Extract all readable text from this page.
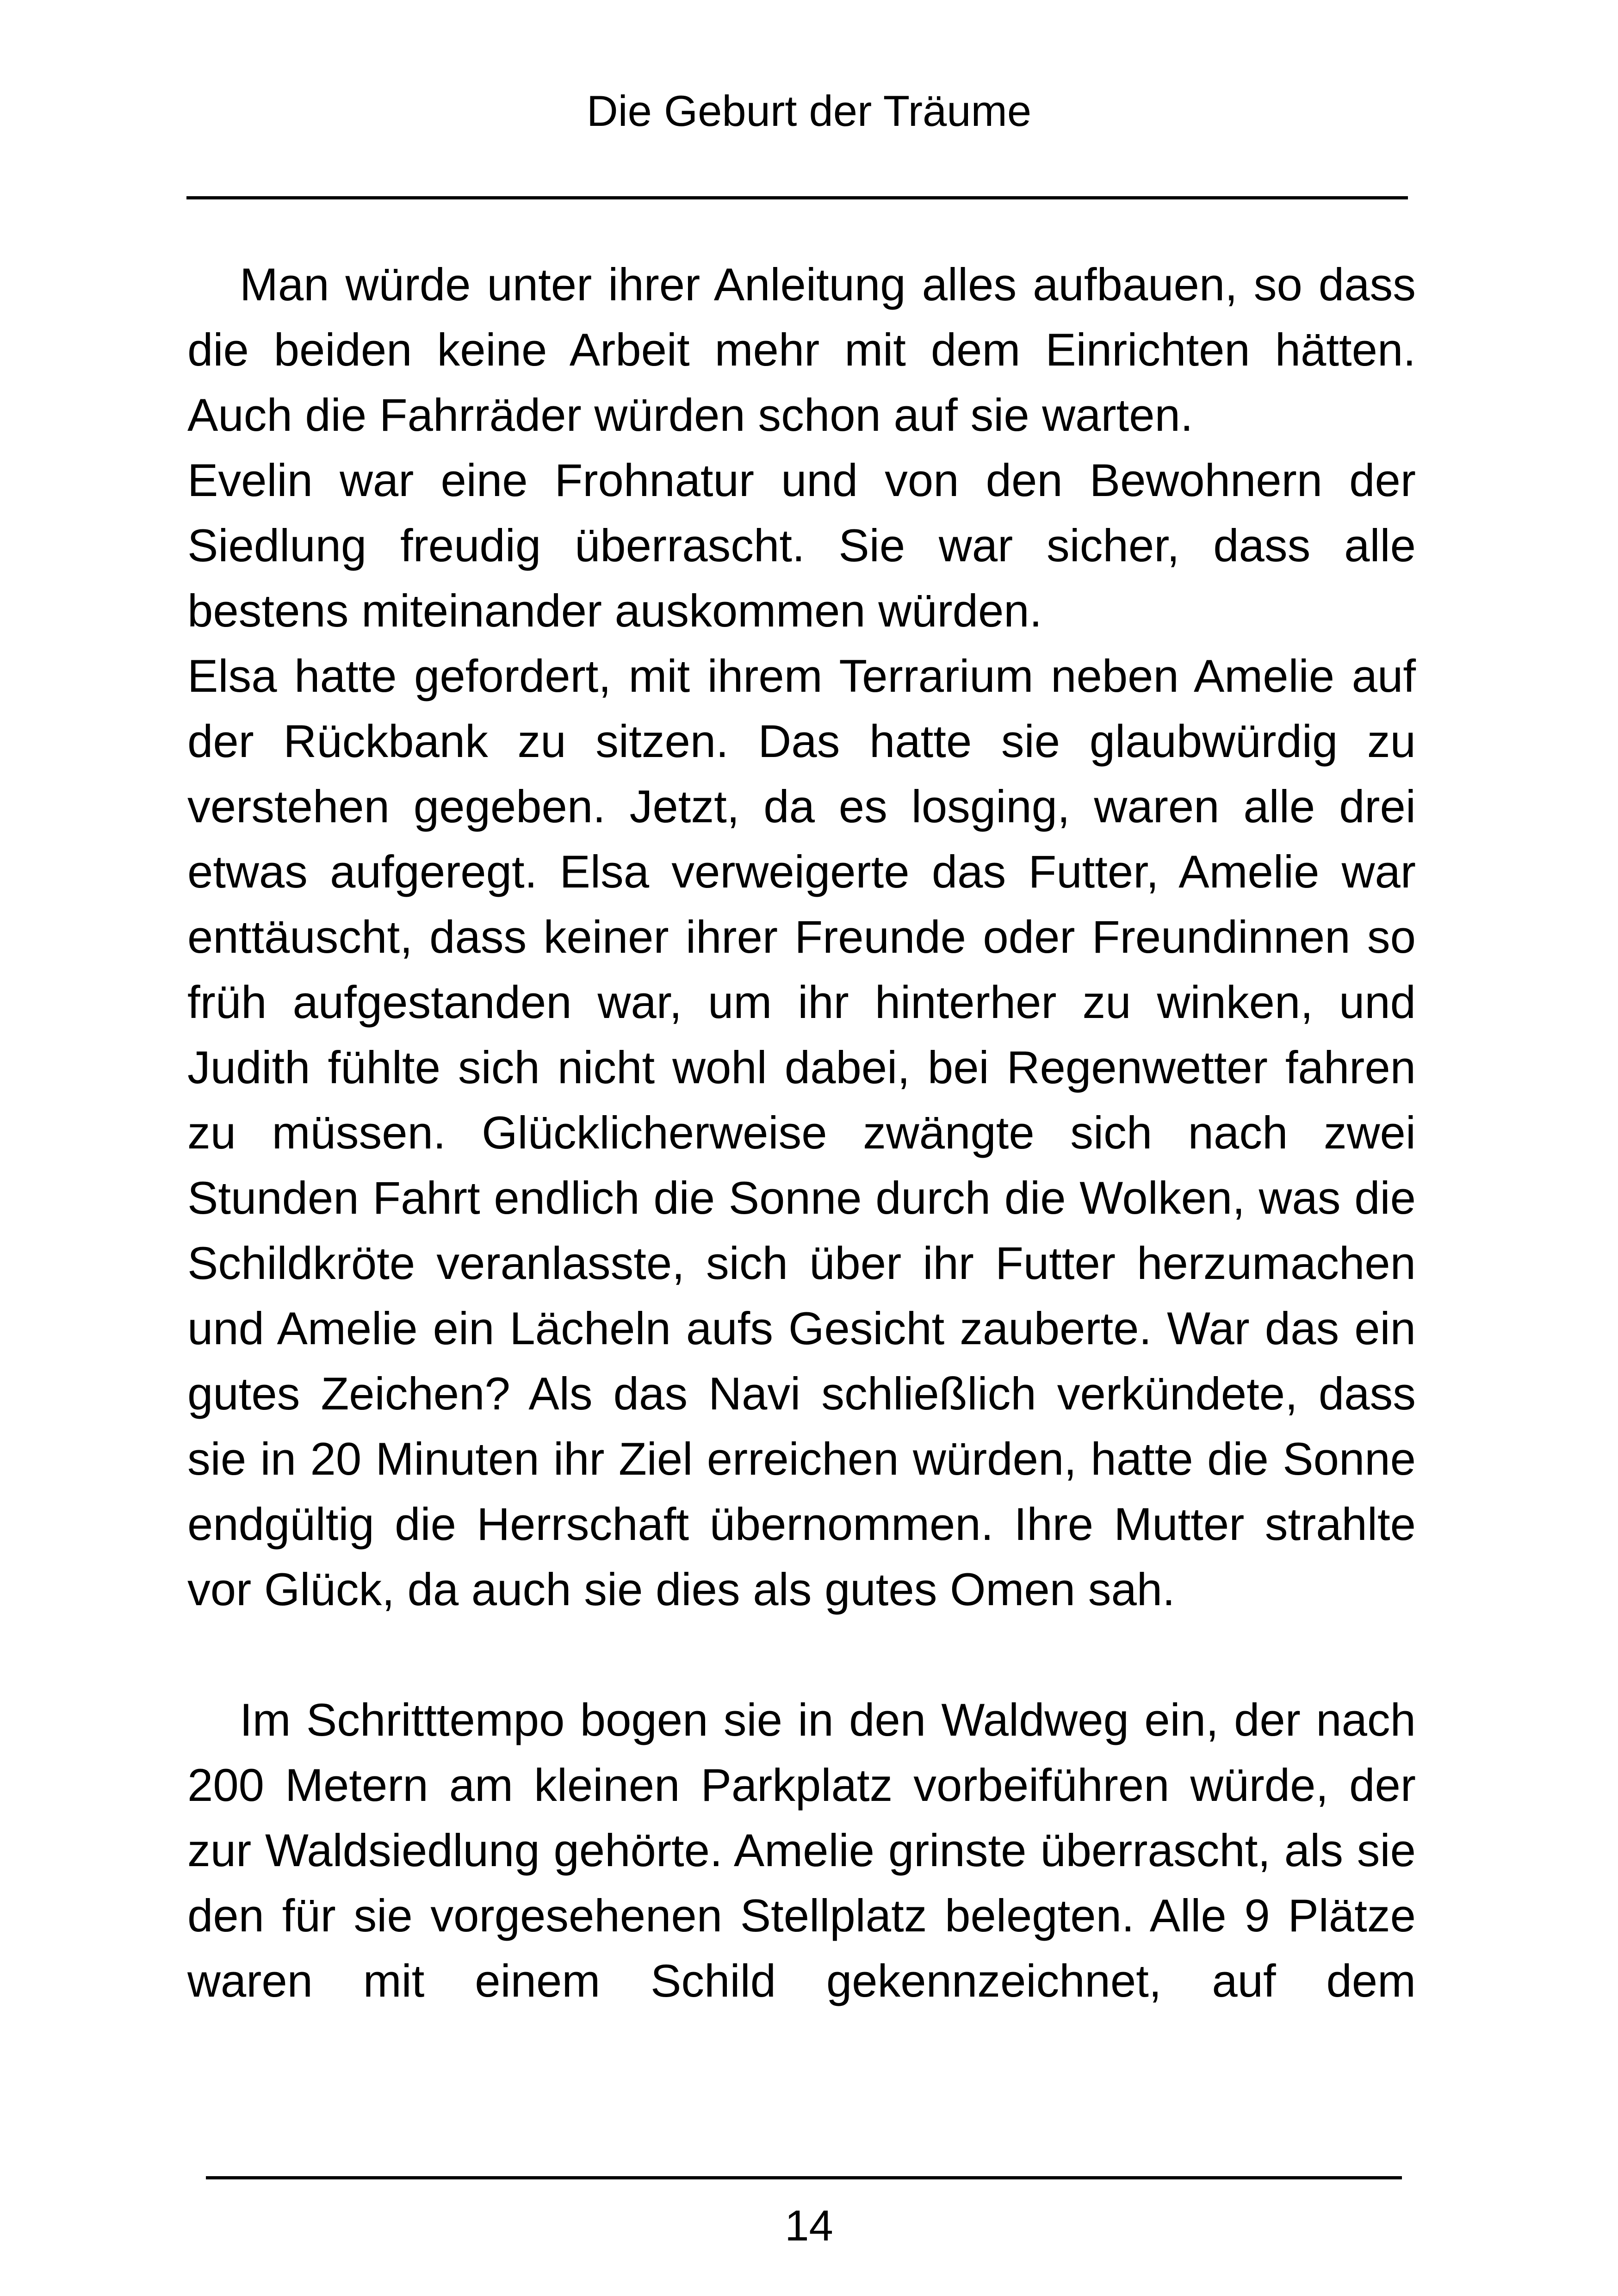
Die Geburt der Träume

Man würde unter ihrer Anleitung alles aufbauen, so dass die beiden keine Arbeit mehr mit dem Einrichten hätten. Auch die Fahrräder würden schon auf sie warten.

Evelin war eine Frohnatur und von den Bewohnern der Siedlung freudig überrascht. Sie war sicher, dass alle bestens miteinander auskommen würden.

Elsa hatte gefordert, mit ihrem Terrarium neben Amelie auf der Rückbank zu sitzen. Das hatte sie glaubwürdig zu verstehen gegeben. Jetzt, da es losging, waren alle drei etwas aufgeregt. Elsa verweigerte das Futter, Amelie war enttäuscht, dass keiner ihrer Freunde oder Freundinnen so früh aufgestanden war, um ihr hinterher zu winken, und Judith fühlte sich nicht wohl dabei, bei Regenwetter fahren zu müssen. Glücklicherweise zwängte sich nach zwei Stunden Fahrt endlich die Sonne durch die Wolken, was die Schildkröte veranlasste, sich über ihr Futter herzumachen und Amelie ein Lächeln aufs Gesicht zauberte. War das ein gutes Zeichen? Als das Navi schließlich verkündete, dass sie in 20 Minuten ihr Ziel erreichen würden, hatte die Sonne endgültig die Herrschaft übernommen. Ihre Mutter strahlte vor Glück, da auch sie dies als gutes Omen sah.

Im Schritttempo bogen sie in den Waldweg ein, der nach 200 Metern am kleinen Parkplatz vorbeiführen würde, der zur Waldsiedlung gehörte. Amelie grinste überrascht, als sie den für sie vorgesehenen Stellplatz belegten. Alle 9 Plätze waren mit einem Schild gekennzeichnet, auf dem

14
